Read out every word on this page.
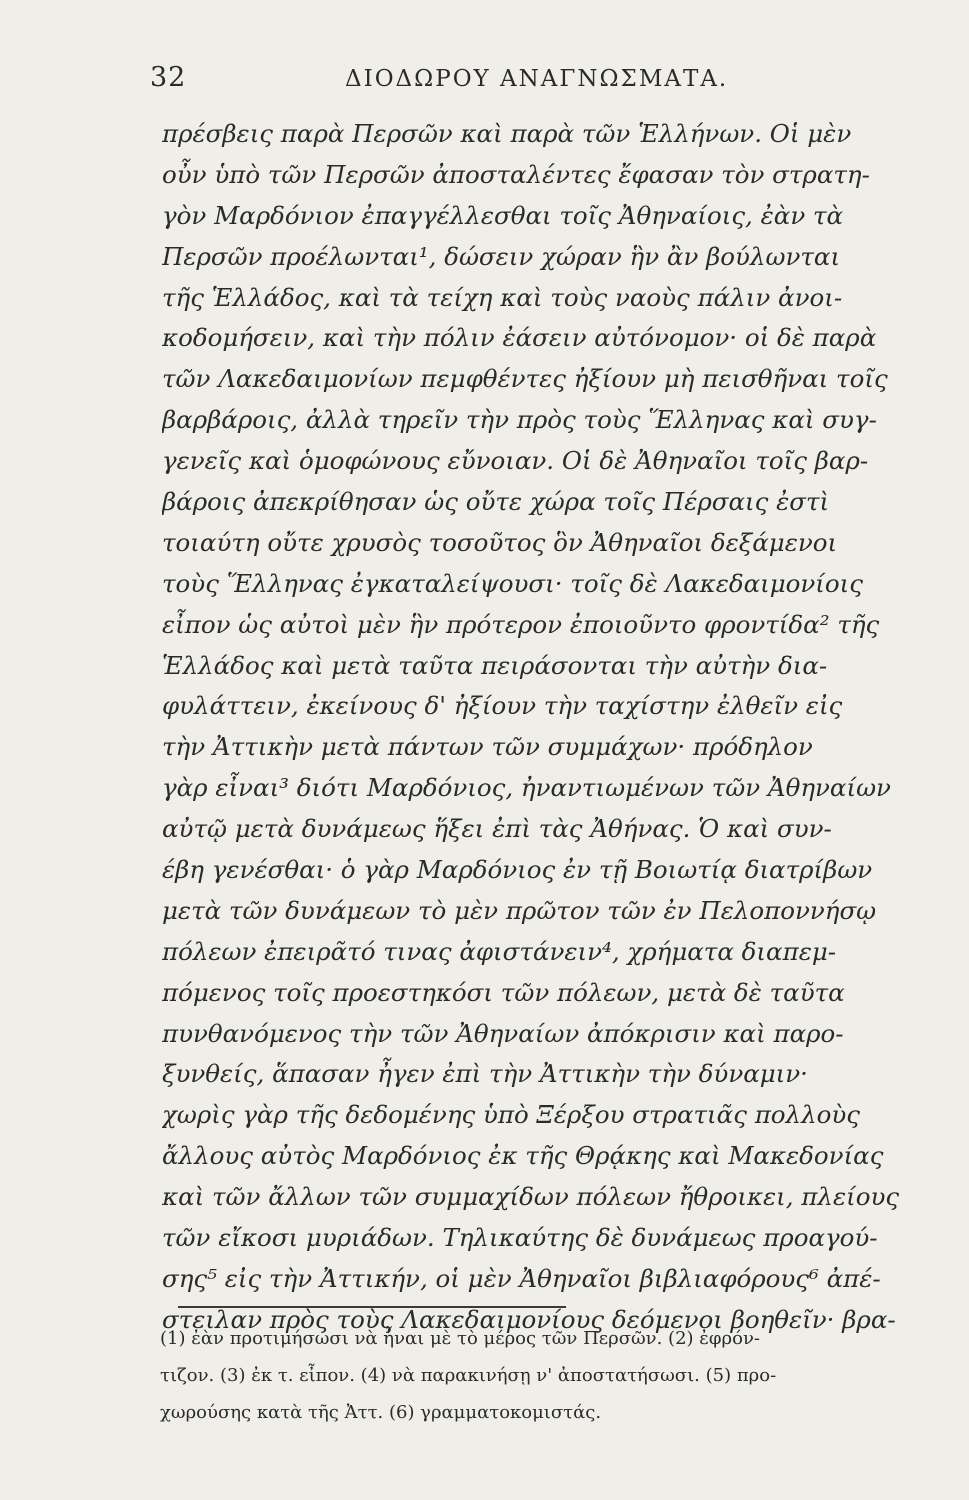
32	ΔΙΟΔΩΡΟΥ ΑΝΑΓΝΩΣΜΑΤΑ.
πρέσβεις παρὰ Περσῶν καὶ παρὰ τῶν Ἑλλήνων. Οἱ μὲν
οὖν ὑπὸ τῶν Περσῶν ἀποσταλέντες ἔφασαν τὸν στρατη-
γὸν Μαρδόνιον ἐπαγγέλλεσθαι τοῖς Ἀθηναίοις, ἐὰν τὰ
Περσῶν προέλωνται¹, δώσειν χώραν ἣν ἂν βούλωνται
τῆς Ἑλλάδος, καὶ τὰ τείχη καὶ τοὺς ναοὺς πάλιν ἀνοι-
κοδομήσειν, καὶ τὴν πόλιν ἐάσειν αὐτόνομον· οἱ δὲ παρὰ
τῶν Λακεδαιμονίων πεμφθέντες ἠξίουν μὴ πεισθῆναι τοῖς
βαρβάροις, ἀλλὰ τηρεῖν τὴν πρὸς τοὺς Ἕλληνας καὶ συγ-
γενεῖς καὶ ὁμοφώνους εὔνοιαν. Οἱ δὲ Ἀθηναῖοι τοῖς βαρ-
βάροις ἀπεκρίθησαν ὡς οὔτε χώρα τοῖς Πέρσαις ἐστὶ
τοιαύτη οὔτε χρυσὸς τοσοῦτος ὃν Ἀθηναῖοι δεξάμενοι
τοὺς Ἕλληνας ἐγκαταλείψουσι· τοῖς δὲ Λακεδαιμονίοις
εἶπον ὡς αὐτοὶ μὲν ἣν πρότερον ἐποιοῦντο φροντίδα² τῆς
Ἑλλάδος καὶ μετὰ ταῦτα πειράσονται τὴν αὐτὴν δια-
φυλάττειν, ἐκείνους δ' ἠξίουν τὴν ταχίστην ἐλθεῖν εἰς
τὴν Ἀττικὴν μετὰ πάντων τῶν συμμάχων· πρόδηλον
γὰρ εἶναι³ διότι Μαρδόνιος, ἠναντιωμένων τῶν Ἀθηναίων
αὐτῷ μετὰ δυνάμεως ἥξει ἐπὶ τὰς Ἀθήνας. Ὁ καὶ συν-
έβη γενέσθαι· ὁ γὰρ Μαρδόνιος ἐν τῇ Βοιωτίᾳ διατρίβων
μετὰ τῶν δυνάμεων τὸ μὲν πρῶτον τῶν ἐν Πελοποννήσῳ
πόλεων ἐπειρᾶτό τινας ἀφιστάνειν⁴, χρήματα διαπεμ-
πόμενος τοῖς προεστηκόσι τῶν πόλεων, μετὰ δὲ ταῦτα
πυνθανόμενος τὴν τῶν Ἀθηναίων ἀπόκρισιν καὶ παρο-
ξυνθείς, ἅπασαν ἦγεν ἐπὶ τὴν Ἀττικὴν τὴν δύναμιν·
χωρὶς γὰρ τῆς δεδομένης ὑπὸ Ξέρξου στρατιᾶς πολλοὺς
ἄλλους αὐτὸς Μαρδόνιος ἐκ τῆς Θρᾴκης καὶ Μακεδονίας
καὶ τῶν ἄλλων τῶν συμμαχίδων πόλεων ἤθροικει, πλείους
τῶν εἴκοσι μυριάδων. Τηλικαύτης δὲ δυνάμεως προαγού-
σης⁵ εἰς τὴν Ἀττικήν, οἱ μὲν Ἀθηναῖοι βιβλιαφόρους⁶ ἀπέ-
στειλαν πρὸς τοὺς Λακεδαιμονίους δεόμενοι βοηθεῖν· βρα-
(1) ἐὰν προτιμήσωσι νὰ ἦναι μὲ τὸ μέρος τῶν Περσῶν. (2) ἐφρόν-
τιζον. (3) ἐκ τ. εἶπον. (4) νὰ παρακινήσῃ ν' ἀποστατήσωσι. (5) προ-
χωρούσης κατὰ τῆς Ἀττ. (6) γραμματοκομιστάς.
